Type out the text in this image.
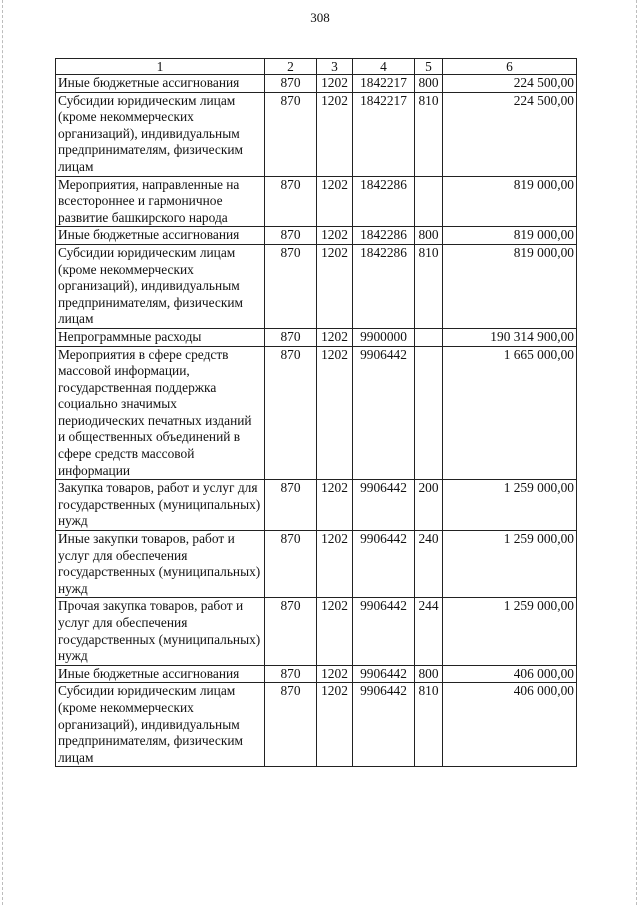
308
1	2	3	4	5	6
Иные бюджетные ассигнования	870	1202	1842217	800	224 500,00
Субсидии юридическим лицам (кроме некоммерческих организаций), индивидуальным предпринимателям, физическим лицам	870	1202	1842217	810	224 500,00
Мероприятия, направленные на всестороннее и гармоничное развитие башкирского народа	870	1202	1842286		819 000,00
Иные бюджетные ассигнования	870	1202	1842286	800	819 000,00
Субсидии юридическим лицам (кроме некоммерческих организаций), индивидуальным предпринимателям, физическим лицам	870	1202	1842286	810	819 000,00
Непрограммные расходы	870	1202	9900000		190 314 900,00
Мероприятия в сфере средств массовой информации, государственная поддержка социально значимых периодических печатных изданий и общественных объединений в сфере средств массовой информации	870	1202	9906442		1 665 000,00
Закупка товаров, работ и услуг для государственных (муниципальных) нужд	870	1202	9906442	200	1 259 000,00
Иные закупки товаров, работ и услуг для обеспечения государственных (муниципальных) нужд	870	1202	9906442	240	1 259 000,00
Прочая закупка товаров, работ и услуг для обеспечения государственных (муниципальных) нужд	870	1202	9906442	244	1 259 000,00
Иные бюджетные ассигнования	870	1202	9906442	800	406 000,00
Субсидии юридическим лицам (кроме некоммерческих организаций), индивидуальным предпринимателям, физическим лицам	870	1202	9906442	810	406 000,00
